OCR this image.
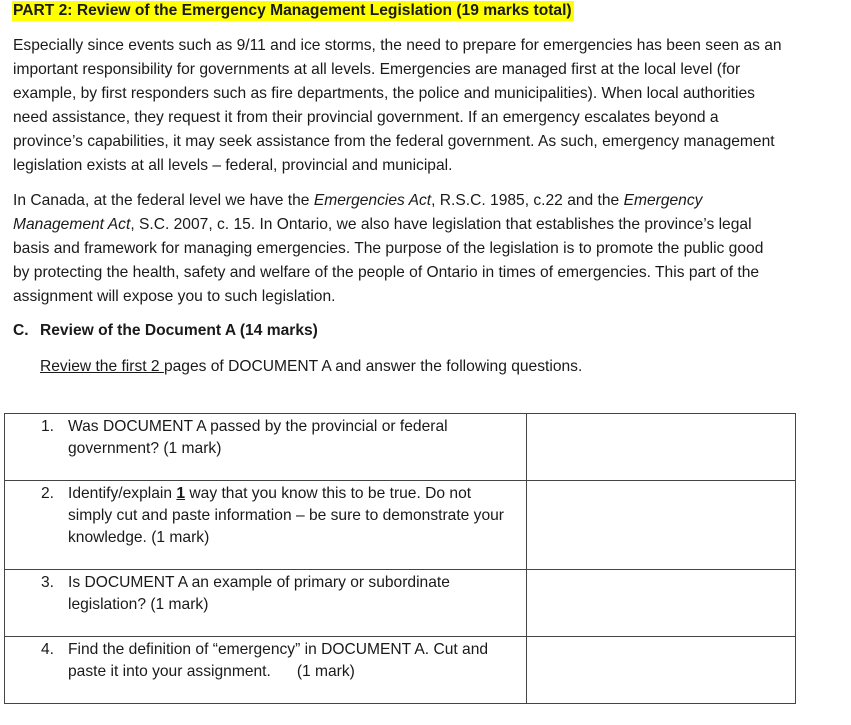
PART 2: Review of the Emergency Management Legislation (19 marks total)

Especially since events such as 9/11 and ice storms, the need to prepare for emergencies has been seen as an important responsibility for governments at all levels. Emergencies are managed first at the local level (for example, by first responders such as fire departments, the police and municipalities). When local authorities need assistance, they request it from their provincial government. If an emergency escalates beyond a province’s capabilities, it may seek assistance from the federal government. As such, emergency management legislation exists at all levels – federal, provincial and municipal.

In Canada, at the federal level we have the Emergencies Act, R.S.C. 1985, c.22 and the Emergency Management Act, S.C. 2007, c. 15. In Ontario, we also have legislation that establishes the province’s legal basis and framework for managing emergencies. The purpose of the legislation is to promote the public good by protecting the health, safety and welfare of the people of Ontario in times of emergencies. This part of the assignment will expose you to such legislation.

C. Review of the Document A (14 marks)
Review the first 2 pages of DOCUMENT A and answer the following questions.
1. Was DOCUMENT A passed by the provincial or federal government? (1 mark)	

2. Identify/explain 1 way that you know this to be true. Do not simply cut and paste information – be sure to demonstrate your knowledge. (1 mark)	

3. Is DOCUMENT A an example of primary or subordinate legislation? (1 mark)	

4. Find the definition of “emergency” in DOCUMENT A. Cut and paste it into your assignment.      (1 mark)	
